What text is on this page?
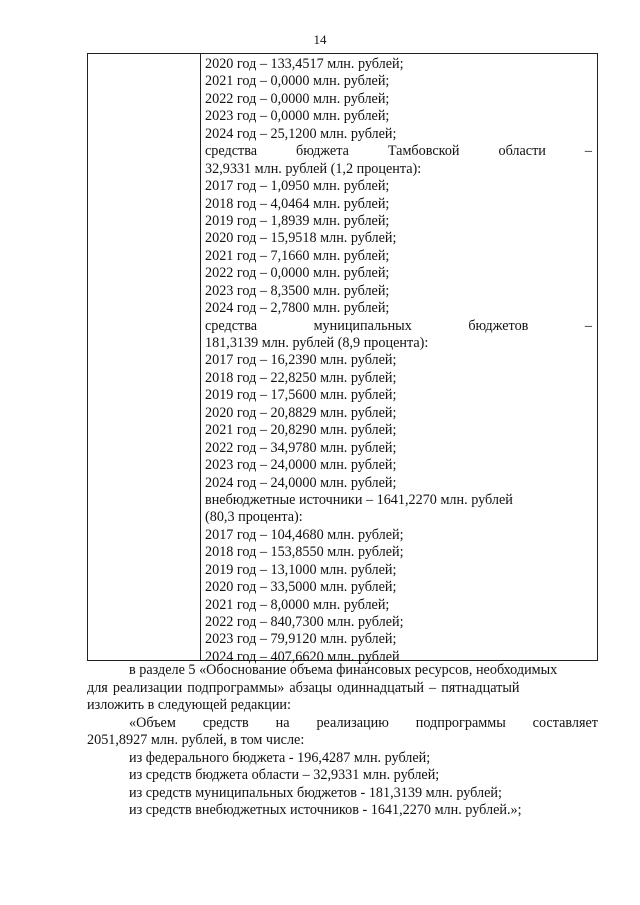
14
2020 год – 133,4517 млн. рублей;
2021 год – 0,0000 млн. рублей;
2022 год – 0,0000 млн. рублей;
2023 год – 0,0000 млн. рублей;
2024 год – 25,1200 млн. рублей;
средства	бюджета	Тамбовской	области	–
32,9331 млн. рублей (1,2 процента):
2017 год – 1,0950 млн. рублей;
2018 год – 4,0464 млн. рублей;
2019 год – 1,8939 млн. рублей;
2020 год – 15,9518 млн. рублей;
2021 год – 7,1660 млн. рублей;
2022 год – 0,0000 млн. рублей;
2023 год – 8,3500 млн. рублей;
2024 год – 2,7800 млн. рублей;
средства	муниципальных	бюджетов	–
181,3139 млн. рублей (8,9 процента):
2017 год – 16,2390 млн. рублей;
2018 год – 22,8250 млн. рублей;
2019 год – 17,5600 млн. рублей;
2020 год – 20,8829 млн. рублей;
2021 год – 20,8290 млн. рублей;
2022 год – 34,9780 млн. рублей;
2023 год – 24,0000 млн. рублей;
2024 год – 24,0000 млн. рублей;
внебюджетные источники – 1641,2270 млн. рублей
(80,3 процента):
2017 год – 104,4680 млн. рублей;
2018 год – 153,8550 млн. рублей;
2019 год – 13,1000 млн. рублей;
2020 год – 33,5000 млн. рублей;
2021 год – 8,0000 млн. рублей;
2022 год – 840,7300 млн. рублей;
2023 год – 79,9120 млн. рублей;
2024 год – 407,6620 млн. рублей
в разделе 5 «Обоснование объема финансовых ресурсов, необходимых
для реализации подпрограммы» абзацы одиннадцатый – пятнадцатый
изложить в следующей редакции:
«Объем средств на реализацию подпрограммы составляет
2051,8927 млн. рублей, в том числе:
из федерального бюджета - 196,4287 млн. рублей;
из средств бюджета области – 32,9331 млн. рублей;
из средств муниципальных бюджетов - 181,3139 млн. рублей;
из средств внебюджетных источников - 1641,2270 млн. рублей.»;
